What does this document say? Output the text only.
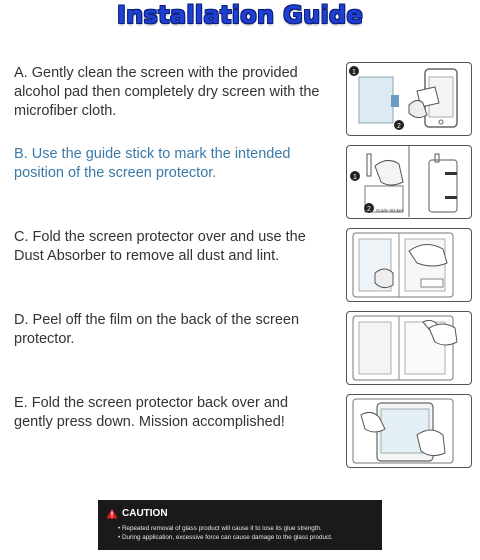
Installation Guide
A. Gently clean the screen with the provided alcohol pad then completely dry screen with the microfiber cloth.
1
2
B. Use the guide stick to mark the intended position of the screen protector.	1
2 Guide Sticker
C. Fold the screen protector over and use the Dust Absorber to remove all dust and lint.
D. Peel off the film on the back of the screen protector.
E. Fold the screen protector back over and gently press down. Mission accomplished!
CAUTION
• Repeated removal of glass product will cause it to lose its glue strength.
• During application, excessive force can cause damage to the glass product.
